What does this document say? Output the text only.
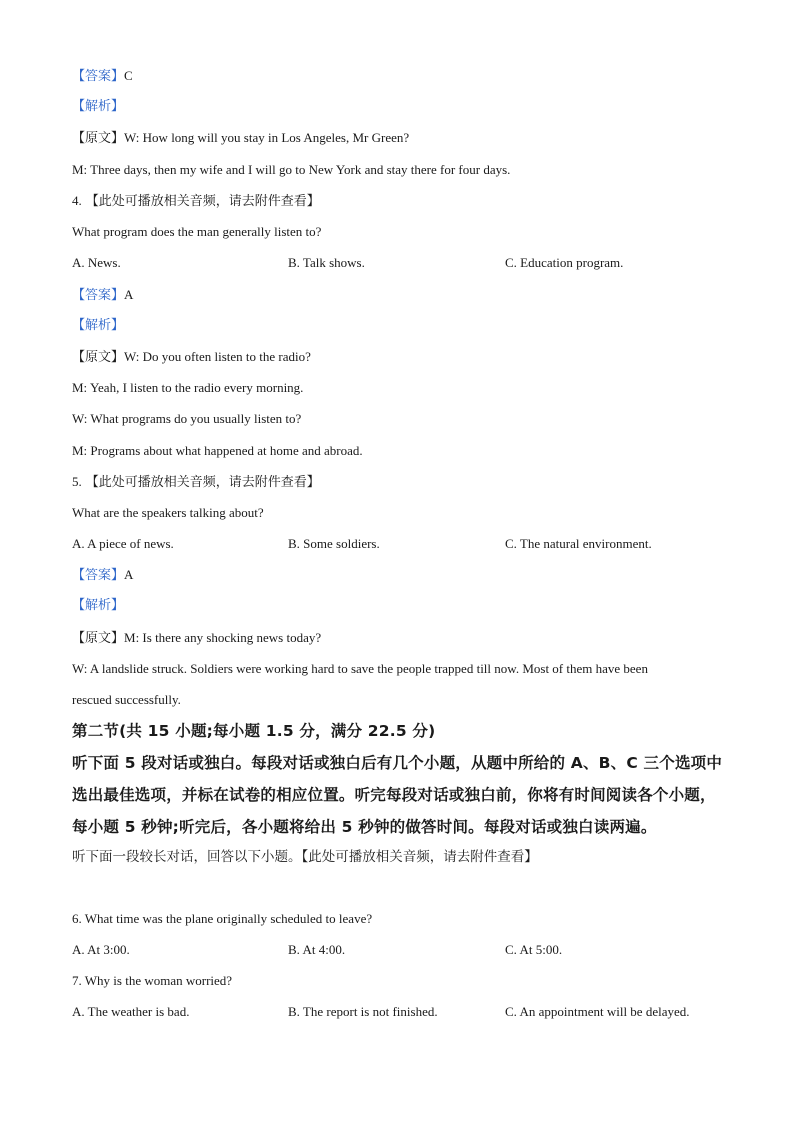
【答案】C
【解析】
【原文】W: How long will you stay in Los Angeles, Mr Green?
M: Three days, then my wife and I will go to New York and stay there for four days.
4. 【此处可播放相关音频，请去附件查看】
What program does the man generally listen to?
A. News.	B. Talk shows.	C. Education program.
【答案】A
【解析】
【原文】W: Do you often listen to the radio?
M: Yeah, I listen to the radio every morning.
W: What programs do you usually listen to?
M: Programs about what happened at home and abroad.
5. 【此处可播放相关音频，请去附件查看】
What are the speakers talking about?
A. A piece of news.	B. Some soldiers.	C. The natural environment.
【答案】A
【解析】
【原文】M: Is there any shocking news today?
W: A landslide struck. Soldiers were working hard to save the people trapped till now. Most of them have been
rescued successfully.
第二节(共 15 小题;每小题 1.5 分，满分 22.5 分)
听下面 5 段对话或独白。每段对话或独白后有几个小题，从题中所给的 A、B、C 三个选项中
选出最佳选项，并标在试卷的相应位置。听完每段对话或独白前，你将有时间阅读各个小题，
每小题 5 秒钟;听完后，各小题将给出 5 秒钟的做答时间。每段对话或独白读两遍。
听下面一段较长对话，回答以下小题。【此处可播放相关音频，请去附件查看】
6. What time was the plane originally scheduled to leave?
A. At 3:00.	B. At 4:00.	C. At 5:00.
7. Why is the woman worried?
A. The weather is bad.	B. The report is not finished.	C. An appointment will be delayed.
